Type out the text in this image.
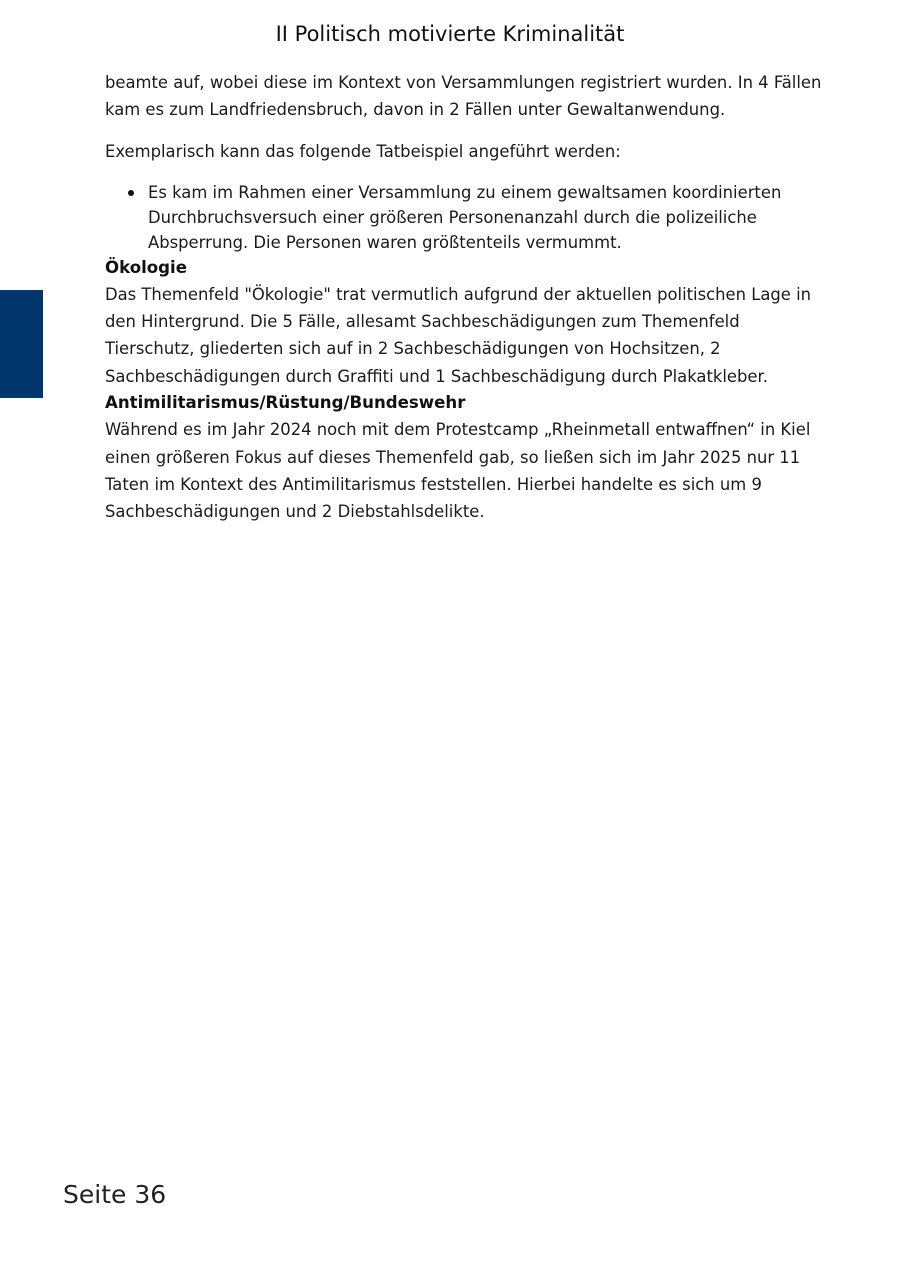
II Politisch motivierte Kriminalität

beamte auf, wobei diese im Kontext von Versammlungen registriert wurden. In 4 Fällen kam es zum Landfriedensbruch, davon in 2 Fällen unter Gewaltanwendung.

Exemplarisch kann das folgende Tatbeispiel angeführt werden:

Es kam im Rahmen einer Versammlung zu einem gewaltsamen koordinierten Durchbruchsversuch einer größeren Personenanzahl durch die polizeiliche Absperrung. Die Personen waren größtenteils vermummt.
Ökologie

Das Themenfeld "Ökologie" trat vermutlich aufgrund der aktuellen politischen Lage in den Hintergrund. Die 5 Fälle, allesamt Sachbeschädigungen zum Themenfeld Tierschutz, gliederten sich auf in 2 Sachbeschädigungen von Hochsitzen, 2 Sachbeschädigungen durch Graffiti und 1 Sachbeschädigung durch Plakatkleber.

Antimilitarismus/Rüstung/Bundeswehr

Während es im Jahr 2024 noch mit dem Protestcamp „Rheinmetall entwaffnen“ in Kiel einen größeren Fokus auf dieses Themenfeld gab, so ließen sich im Jahr 2025 nur 11 Taten im Kontext des Antimilitarismus feststellen. Hierbei handelte es sich um 9 Sachbeschädigungen und 2 Diebstahlsdelikte.

Seite 36
